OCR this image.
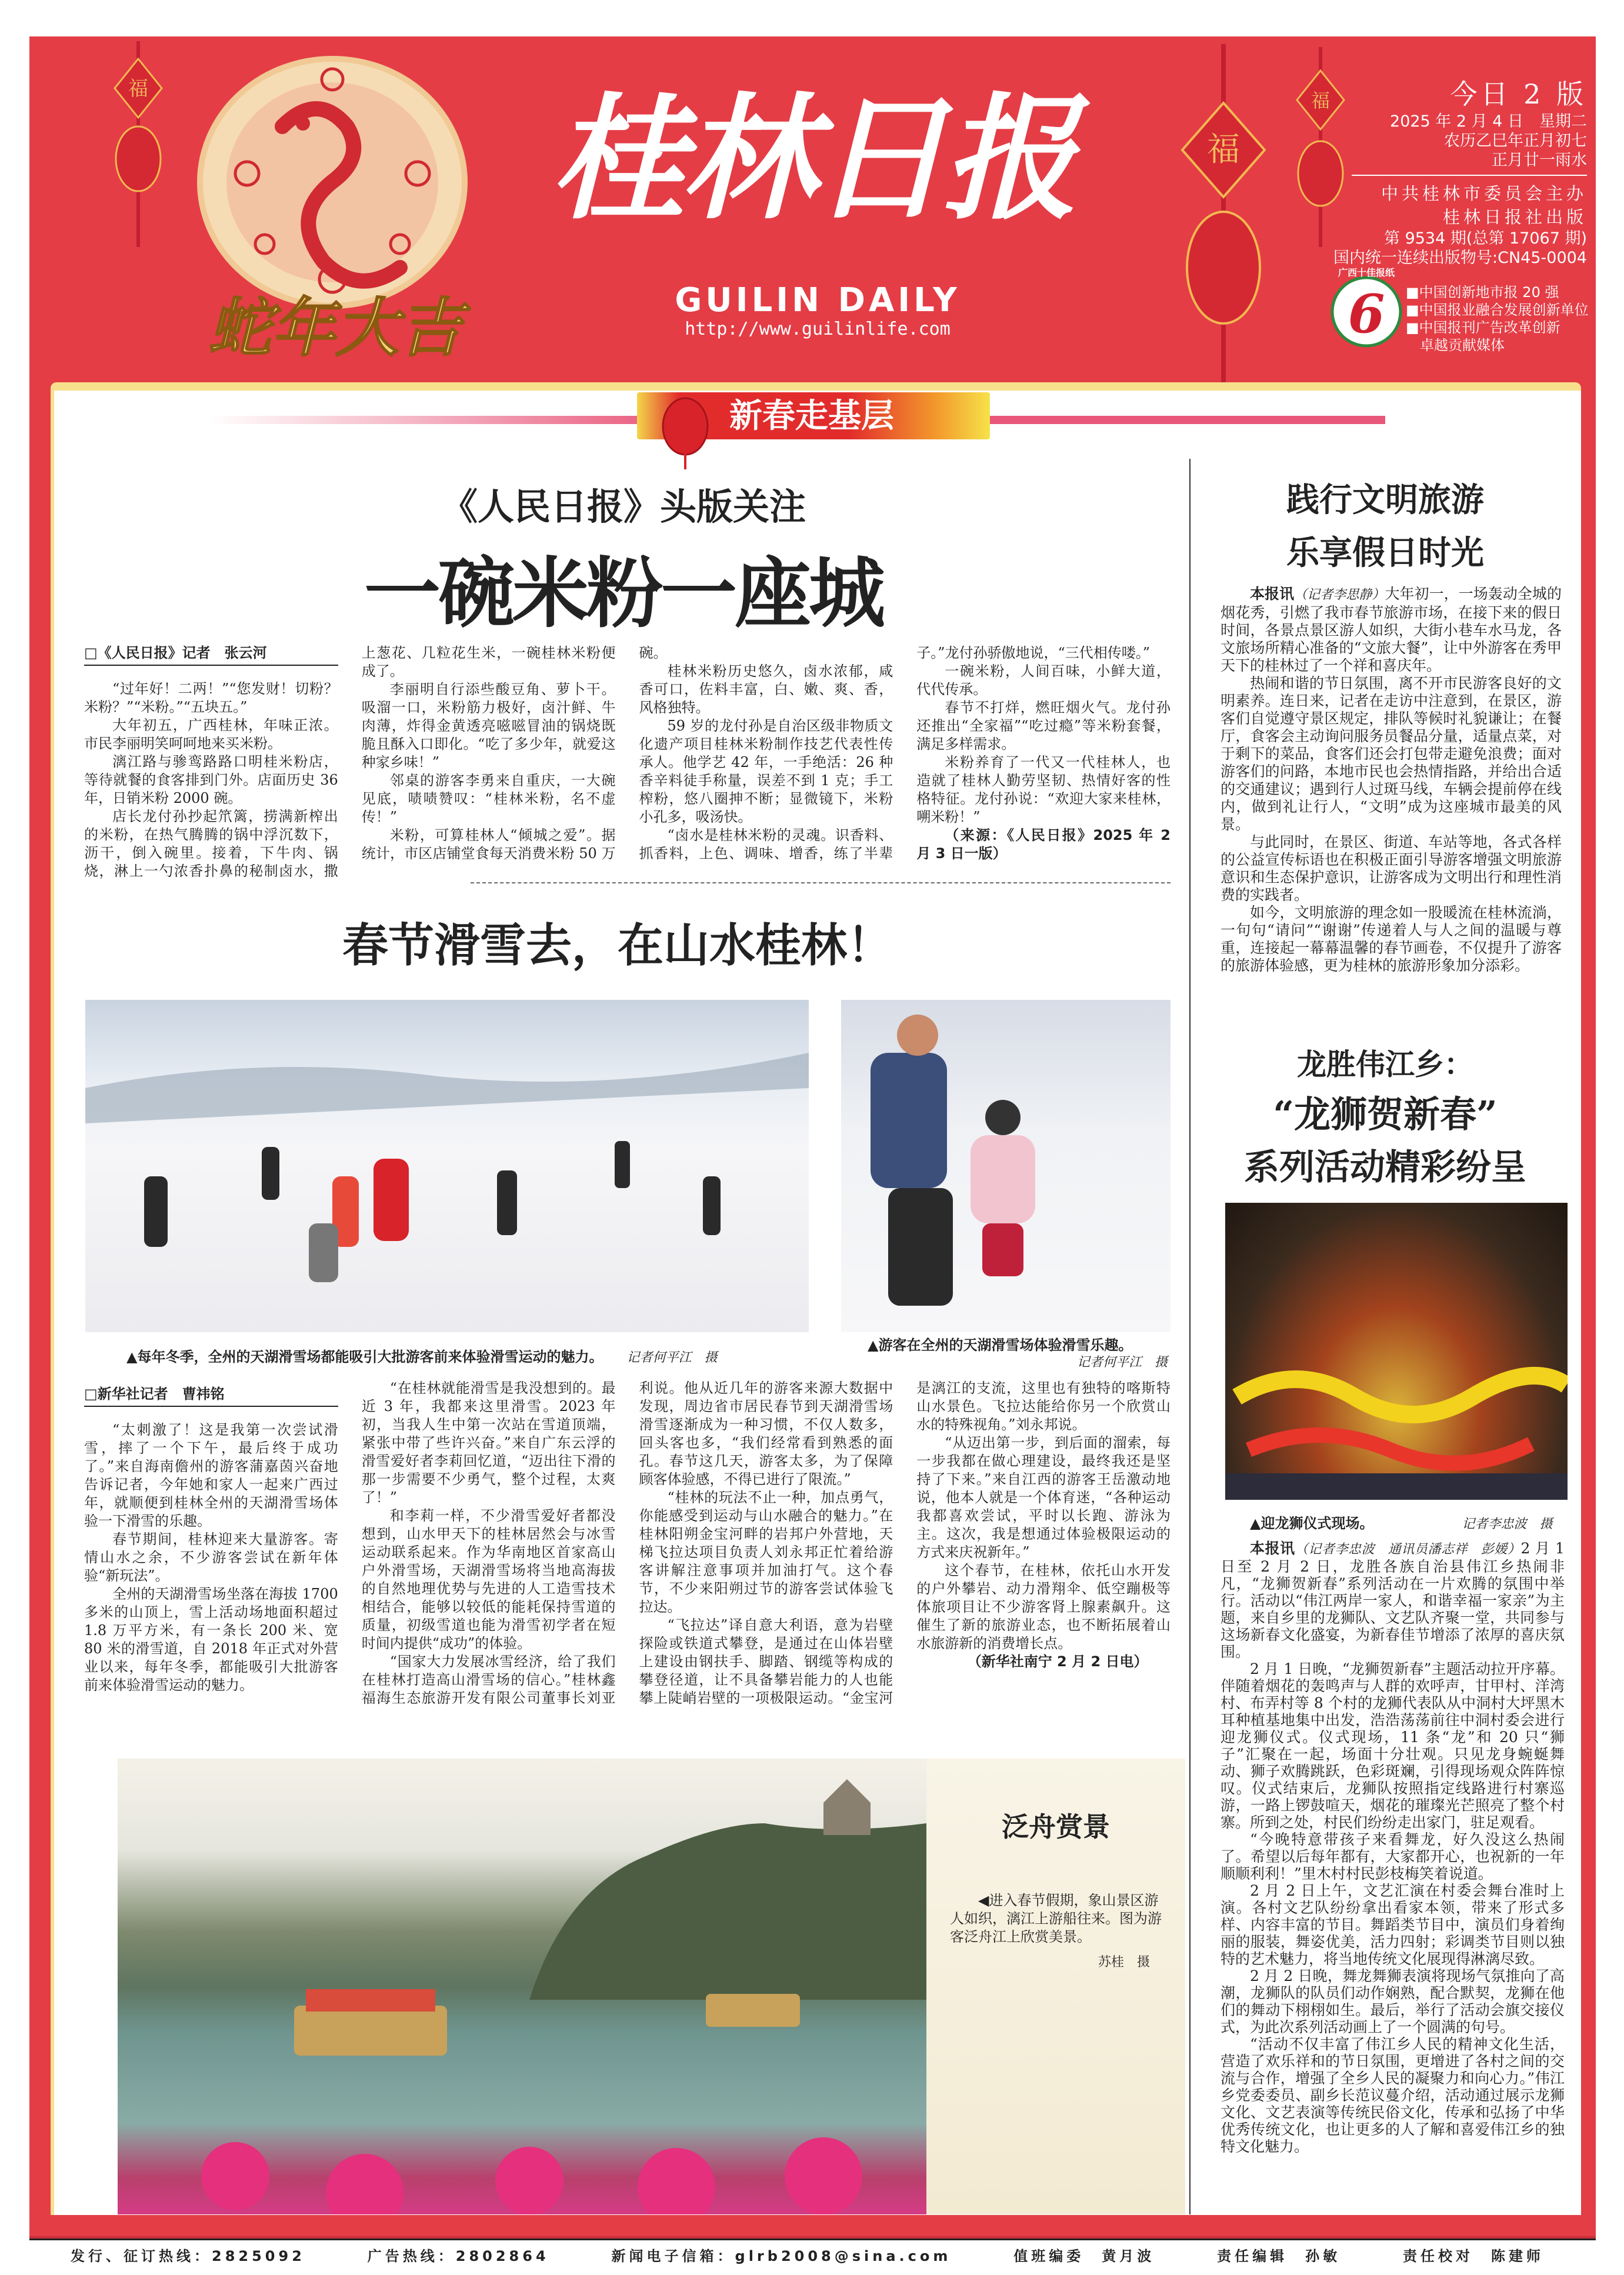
蛇年大吉
福
福
福
桂林日报
GUILIN DAILY
http://www.guilinlife.com
今日 2 版
2025 年 2 月 4 日　星期二
农历乙巳年正月初七
正月廿一雨水
中共桂林市委员会主办
桂林日报社出版
第 9534 期(总第 17067 期)
国内统一连续出版物号:CN45-0004
6
广西十佳报纸
■中国创新地市报 20 强
■中国报业融合发展创新单位
■中国报刊广告改革创新
　卓越贡献媒体
新春走基层
《人民日报》头版关注
一碗米粉一座城
□《人民日报》记者　张云河

“过年好！二两！”“您发财！切粉？米粉？”“米粉。”“五块五。”

大年初五，广西桂林，年味正浓。市民李丽明笑呵呵地来买米粉。

漓江路与骖鸾路路口明桂米粉店，等待就餐的食客排到门外。店面历史 36 年，日销米粉 2000 碗。

店长龙付孙抄起笊篱，捞满新榨出的米粉，在热气腾腾的锅中浮沉数下，沥干，倒入碗里。接着，下牛肉、锅烧，淋上一勺浓香扑鼻的秘制卤水，撒上葱花、几粒花生米，一碗桂林米粉便成了。

李丽明自行添些酸豆角、萝卜干。吸溜一口，米粉筋力极好，卤汁鲜、牛肉薄，炸得金黄透亮嗞嗞冒油的锅烧既脆且酥入口即化。“吃了多少年，就爱这种家乡味！”

邻桌的游客李勇来自重庆，一大碗见底，啧啧赞叹：“桂林米粉，名不虚传！”

米粉，可算桂林人“倾城之爱”。据统计，市区店铺堂食每天消费米粉 50 万碗。

桂林米粉历史悠久，卤水浓郁，咸香可口，佐料丰富，白、嫩、爽、香，风格独特。

59 岁的龙付孙是自治区级非物质文化遗产项目桂林米粉制作技艺代表性传承人。他学艺 42 年，一手绝活：26 种香辛料徒手称量，误差不到 1 克；手工榨粉，悠八圈抻不断；显微镜下，米粉小孔多，吸汤快。

“卤水是桂林米粉的灵魂。识香料、抓香料，上色、调味、增香，练了半辈子。”龙付孙骄傲地说，“三代相传喽。”

一碗米粉，人间百味，小鲜大道，代代传承。

春节不打烊，燃旺烟火气。龙付孙还推出“全家福”“吃过瘾”等米粉套餐，满足多样需求。

米粉养育了一代又一代桂林人，也造就了桂林人勤劳坚韧、热情好客的性格特征。龙付孙说：“欢迎大家来桂林，嗍米粉！”

（来源：《人民日报》2025 年 2 月 3 日一版）

春节滑雪去，在山水桂林！
▲每年冬季，全州的天湖滑雪场都能吸引大批游客前来体验滑雪运动的魅力。 记者何平江　摄
▲游客在全州的天湖滑雪场体验滑雪乐趣。
记者何平江　摄
□新华社记者　曹祎铭

“太刺激了！这是我第一次尝试滑雪，摔了一个下午，最后终于成功了。”来自海南儋州的游客蒲嘉茵兴奋地告诉记者，今年她和家人一起来广西过年，就顺便到桂林全州的天湖滑雪场体验一下滑雪的乐趣。

春节期间，桂林迎来大量游客。寄情山水之余，不少游客尝试在新年体验“新玩法”。

全州的天湖滑雪场坐落在海拔 1700 多米的山顶上，雪上活动场地面积超过 1.8 万平方米，有一条长 200 米、宽 80 米的滑雪道，自 2018 年正式对外营业以来，每年冬季，都能吸引大批游客前来体验滑雪运动的魅力。

“在桂林就能滑雪是我没想到的。最近 3 年，我都来这里滑雪。2023 年初，当我人生中第一次站在雪道顶端，紧张中带了些许兴奋。”来自广东云浮的滑雪爱好者李莉回忆道，“迈出往下滑的那一步需要不少勇气，整个过程，太爽了！”

和李莉一样，不少滑雪爱好者都没想到，山水甲天下的桂林居然会与冰雪运动联系起来。作为华南地区首家高山户外滑雪场，天湖滑雪场将当地高海拔的自然地理优势与先进的人工造雪技术相结合，能够以较低的能耗保持雪道的质量，初级雪道也能为滑雪初学者在短时间内提供“成功”的体验。

“国家大力发展冰雪经济，给了我们在桂林打造高山滑雪场的信心。”桂林鑫福海生态旅游开发有限公司董事长刘亚利说。他从近几年的游客来源大数据中发现，周边省市居民春节到天湖滑雪场滑雪逐渐成为一种习惯，不仅人数多，回头客也多，“我们经常看到熟悉的面孔。春节这几天，游客太多，为了保障顾客体验感，不得已进行了限流。”

“桂林的玩法不止一种，加点勇气，你能感受到运动与山水融合的魅力。”在桂林阳朔金宝河畔的岩邦户外营地，天梯飞拉达项目负责人刘永邦正忙着给游客讲解注意事项并加油打气。这个春节，不少来阳朔过节的游客尝试体验飞拉达。

“飞拉达”译自意大利语，意为岩壁探险或铁道式攀登，是通过在山体岩壁上建设由钢扶手、脚踏、钢缆等构成的攀登径道，让不具备攀岩能力的人也能攀上陡峭岩壁的一项极限运动。“金宝河是漓江的支流，这里也有独特的喀斯特山水景色。飞拉达能给你另一个欣赏山水的特殊视角。”刘永邦说。

“从迈出第一步，到后面的溜索，每一步我都在做心理建设，最终我还是坚持了下来。”来自江西的游客王岳激动地说，他本人就是一个体育迷，“各种运动我都喜欢尝试，平时以长跑、游泳为主。这次，我是想通过体验极限运动的方式来庆祝新年。”

这个春节，在桂林，依托山水开发的户外攀岩、动力滑翔伞、低空蹦极等体旅项目让不少游客肾上腺素飙升。这催生了新的旅游业态，也不断拓展着山水旅游新的消费增长点。

（新华社南宁 2 月 2 日电）

泛舟赏景
◀进入春节假期，象山景区游人如织，漓江上游船往来。图为游客泛舟江上欣赏美景。
苏桂　摄
践行文明旅游
乐享假日时光

本报讯（记者李思静）大年初一，一场轰动全城的烟花秀，引燃了我市春节旅游市场，在接下来的假日时间，各景点景区游人如织，大街小巷车水马龙，各文旅场所精心准备的“文旅大餐”，让中外游客在秀甲天下的桂林过了一个祥和喜庆年。

热闹和谐的节日氛围，离不开市民游客良好的文明素养。连日来，记者在走访中注意到，在景区，游客们自觉遵守景区规定，排队等候时礼貌谦让；在餐厅，食客会主动询问服务员餐品分量，适量点菜，对于剩下的菜品，食客们还会打包带走避免浪费；面对游客们的问路，本地市民也会热情指路，并给出合适的交通建议；遇到行人过斑马线，车辆会提前停在线内，做到礼让行人，“文明”成为这座城市最美的风景。

与此同时，在景区、街道、车站等地，各式各样的公益宣传标语也在积极正面引导游客增强文明旅游意识和生态保护意识，让游客成为文明出行和理性消费的实践者。

如今，文明旅游的理念如一股暖流在桂林流淌，一句句“请问”“谢谢”传递着人与人之间的温暖与尊重，连接起一幕幕温馨的春节画卷，不仅提升了游客的旅游体验感，更为桂林的旅游形象加分添彩。

龙胜伟江乡：
“龙狮贺新春”
系列活动精彩纷呈
▲迎龙狮仪式现场。	记者李忠波　摄

本报讯（记者李忠波　通讯员潘志祥　彭媛）2 月 1 日至 2 月 2 日，龙胜各族自治县伟江乡热闹非凡，“龙狮贺新春”系列活动在一片欢腾的氛围中举行。活动以“伟江两岸一家人，和谐幸福一家亲”为主题，来自乡里的龙狮队、文艺队齐聚一堂，共同参与这场新春文化盛宴，为新春佳节增添了浓厚的喜庆氛围。

2 月 1 日晚，“龙狮贺新春”主题活动拉开序幕。伴随着烟花的轰鸣声与人群的欢呼声，甘甲村、洋湾村、布弄村等 8 个村的龙狮代表队从中洞村大坪黑木耳种植基地集中出发，浩浩荡荡前往中洞村委会进行迎龙狮仪式。仪式现场，11 条“龙”和 20 只“狮子”汇聚在一起，场面十分壮观。只见龙身蜿蜒舞动、狮子欢腾跳跃，色彩斑斓，引得现场观众阵阵惊叹。仪式结束后，龙狮队按照指定线路进行村寨巡游，一路上锣鼓喧天，烟花的璀璨光芒照亮了整个村寨。所到之处，村民们纷纷走出家门，驻足观看。

“今晚特意带孩子来看舞龙，好久没这么热闹了。希望以后每年都有，大家都开心，也祝新的一年顺顺利利！”里木村村民彭枝梅笑着说道。

2 月 2 日上午，文艺汇演在村委会舞台准时上演。各村文艺队纷纷拿出看家本领，带来了形式多样、内容丰富的节目。舞蹈类节目中，演员们身着绚丽的服装，舞姿优美，活力四射；彩调类节目则以独特的艺术魅力，将当地传统文化展现得淋漓尽致。

2 月 2 日晚，舞龙舞狮表演将现场气氛推向了高潮，龙狮队的队员们动作娴熟，配合默契，龙狮在他们的舞动下栩栩如生。最后，举行了活动会旗交接仪式，为此次系列活动画上了一个圆满的句号。

“活动不仅丰富了伟江乡人民的精神文化生活，营造了欢乐祥和的节日氛围，更增进了各村之间的交流与合作，增强了全乡人民的凝聚力和向心力。”伟江乡党委委员、副乡长范议蔓介绍，活动通过展示龙狮文化、文艺表演等传统民俗文化，传承和弘扬了中华优秀传统文化，也让更多的人了解和喜爱伟江乡的独特文化魅力。

发行、征订热线：2825092	广告热线：2802864	新闻电子信箱：glrb2008@sina.com	值班编委　黄月波	责任编辑　孙敏	责任校对　陈建师
